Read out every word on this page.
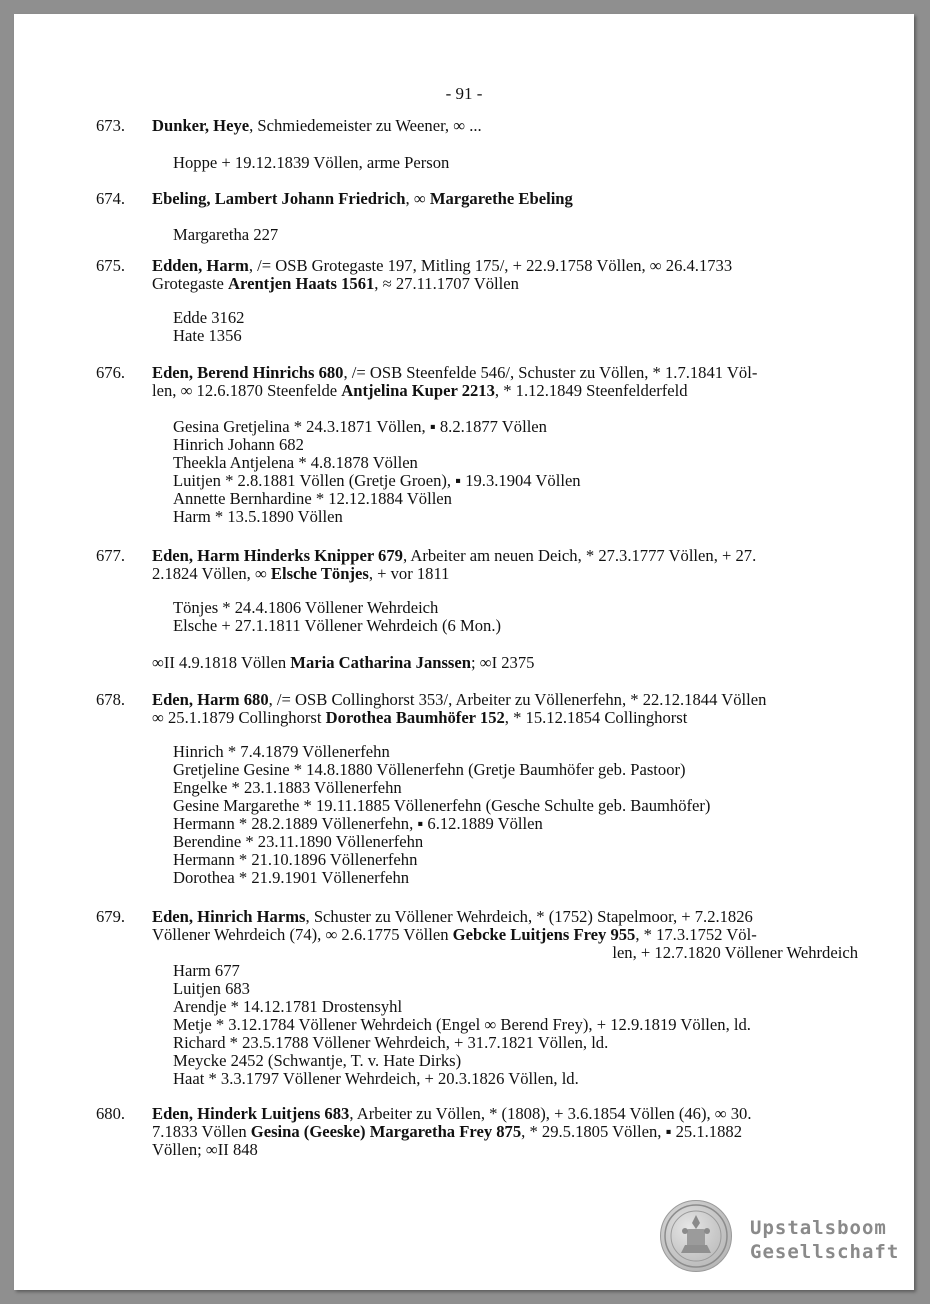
- 91 -
673. Dunker, Heye, Schmiedemeister zu Weener, ∞ ...
Hoppe + 19.12.1839 Völlen, arme Person
674. Ebeling, Lambert Johann Friedrich, ∞ Margarethe Ebeling
Margaretha 227
675. Edden, Harm, /= OSB Grotegaste 197, Mitling 175/, + 22.9.1758 Völlen, ∞ 26.4.1733
Grotegaste Arentjen Haats 1561, ≈ 27.11.1707 Völlen
Edde 3162
Hate 1356
676. Eden, Berend Hinrichs 680, /= OSB Steenfelde 546/, Schuster zu Völlen, * 1.7.1841 Völ-
len, ∞ 12.6.1870 Steenfelde Antjelina Kuper 2213, * 1.12.1849 Steenfelderfeld
Gesina Gretjelina * 24.3.1871 Völlen, ▪ 8.2.1877 Völlen
Hinrich Johann 682
Theekla Antjelena * 4.8.1878 Völlen
Luitjen * 2.8.1881 Völlen (Gretje Groen), ▪ 19.3.1904 Völlen
Annette Bernhardine * 12.12.1884 Völlen
Harm * 13.5.1890 Völlen
677. Eden, Harm Hinderks Knipper 679, Arbeiter am neuen Deich, * 27.3.1777 Völlen, + 27.
2.1824 Völlen, ∞ Elsche Tönjes, + vor 1811
Tönjes * 24.4.1806 Völlener Wehrdeich
Elsche + 27.1.1811 Völlener Wehrdeich (6 Mon.)
∞II 4.9.1818 Völlen Maria Catharina Janssen; ∞I 2375
678. Eden, Harm 680, /= OSB Collinghorst 353/, Arbeiter zu Völlenerfehn, * 22.12.1844 Völlen
∞ 25.1.1879 Collinghorst Dorothea Baumhöfer 152, * 15.12.1854 Collinghorst
Hinrich * 7.4.1879 Völlenerfehn
Gretjeline Gesine * 14.8.1880 Völlenerfehn (Gretje Baumhöfer geb. Pastoor)
Engelke * 23.1.1883 Völlenerfehn
Gesine Margarethe * 19.11.1885 Völlenerfehn (Gesche Schulte geb. Baumhöfer)
Hermann * 28.2.1889 Völlenerfehn, ▪ 6.12.1889 Völlen
Berendine * 23.11.1890 Völlenerfehn
Hermann * 21.10.1896 Völlenerfehn
Dorothea * 21.9.1901 Völlenerfehn
679. Eden, Hinrich Harms, Schuster zu Völlener Wehrdeich, * (1752) Stapelmoor, + 7.2.1826
Völlener Wehrdeich (74), ∞ 2.6.1775 Völlen Gebcke Luitjens Frey 955, * 17.3.1752 Völ-
len, + 12.7.1820 Völlener Wehrdeich
Harm 677
Luitjen 683
Arendje * 14.12.1781 Drostensyhl
Metje * 3.12.1784 Völlener Wehrdeich (Engel ∞ Berend Frey), + 12.9.1819 Völlen, ld.
Richard * 23.5.1788 Völlener Wehrdeich, + 31.7.1821 Völlen, ld.
Meycke 2452 (Schwantje, T. v. Hate Dirks)
Haat * 3.3.1797 Völlener Wehrdeich, + 20.3.1826 Völlen, ld.
680. Eden, Hinderk Luitjens 683, Arbeiter zu Völlen, * (1808), + 3.6.1854 Völlen (46), ∞ 30.
7.1833 Völlen Gesina (Geeske) Margaretha Frey 875, * 29.5.1805 Völlen, ▪ 25.1.1882
Völlen; ∞II 848
Upstalsboom
Gesellschaft
